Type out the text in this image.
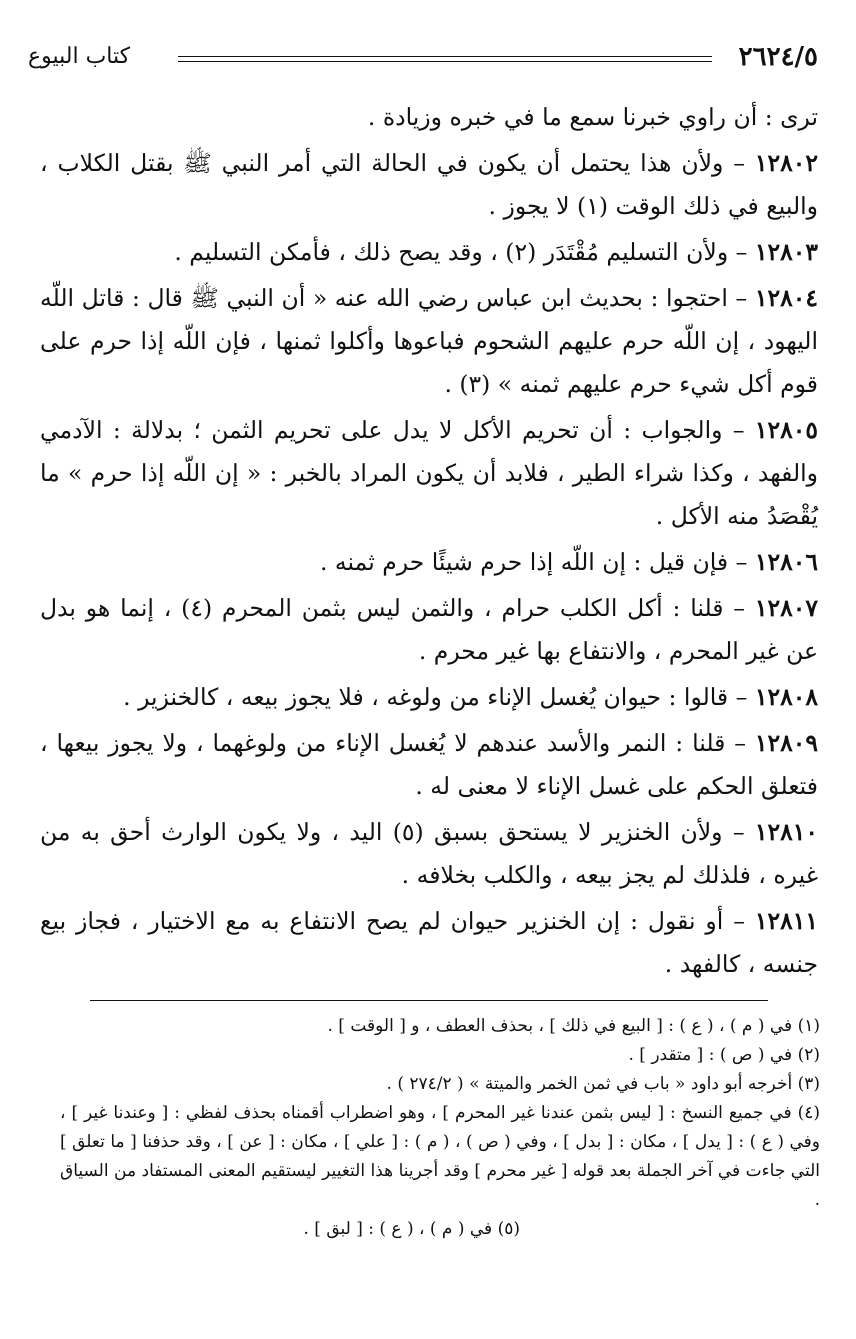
٢٦٢٤/٥
كتاب البيوع

ترى : أن راوي خبرنا سمع ما في خبره وزيادة .

١٢٨٠٢ – ولأن هذا يحتمل أن يكون في الحالة التي أمر النبي ﷺ بقتل الكلاب ، والبيع في ذلك الوقت (١) لا يجوز .

١٢٨٠٣ – ولأن التسليم مُقْتَدَر (٢) ، وقد يصح ذلك ، فأمكن التسليم .

١٢٨٠٤ – احتجوا : بحديث ابن عباس رضي الله عنه « أن النبي ﷺ قال : قاتل اللّه اليهود ، إن اللّه حرم عليهم الشحوم فباعوها وأكلوا ثمنها ، فإن اللّه إذا حرم على قوم أكل شيء حرم عليهم ثمنه » (٣) .

١٢٨٠٥ – والجواب : أن تحريم الأكل لا يدل على تحريم الثمن ؛ بدلالة : الآدمي والفهد ، وكذا شراء الطير ، فلابد أن يكون المراد بالخبر : « إن اللّه إذا حرم » ما يُقْصَدُ منه الأكل .

١٢٨٠٦ – فإن قيل : إن اللّه إذا حرم شيئًا حرم ثمنه .

١٢٨٠٧ – قلنا : أكل الكلب حرام ، والثمن ليس بثمن المحرم (٤) ، إنما هو بدل عن غير المحرم ، والانتفاع بها غير محرم .

١٢٨٠٨ – قالوا : حيوان يُغسل الإناء من ولوغه ، فلا يجوز بيعه ، كالخنزير .

١٢٨٠٩ – قلنا : النمر والأسد عندهم لا يُغسل الإناء من ولوغهما ، ولا يجوز بيعها ، فتعلق الحكم على غسل الإناء لا معنى له .

١٢٨١٠ – ولأن الخنزير لا يستحق بسبق (٥) اليد ، ولا يكون الوارث أحق به من غيره ، فلذلك لم يجز بيعه ، والكلب بخلافه .

١٢٨١١ – أو نقول : إن الخنزير حيوان لم يصح الانتفاع به مع الاختيار ، فجاز بيع جنسه ، كالفهد .

(١) في ( م ) ، ( ع ) : [ البيع في ذلك ] ، بحذف العطف ، و [ الوقت ] .

(٢) في ( ص ) : [ متقدر ] .

(٣) أخرجه أبو داود « باب في ثمن الخمر والميتة » ( ٢٧٤/٢ ) .

(٤) في جميع النسخ : [ ليس بثمن عندنا غير المحرم ] ، وهو اضطراب أقمناه بحذف لفظي : [ وعندنا غير ] ، وفي ( ع ) : [ يدل ] ، مكان : [ بدل ] ، وفي ( ص ) ، ( م ) : [ علي ] ، مكان : [ عن ] ، وقد حذفنا [ ما تعلق ] التي جاءت في آخر الجملة بعد قوله [ غير محرم ] وقد أجرينا هذا التغيير ليستقيم المعنى المستفاد من السياق .

(٥) في ( م ) ، ( ع ) : [ لبق ] .
